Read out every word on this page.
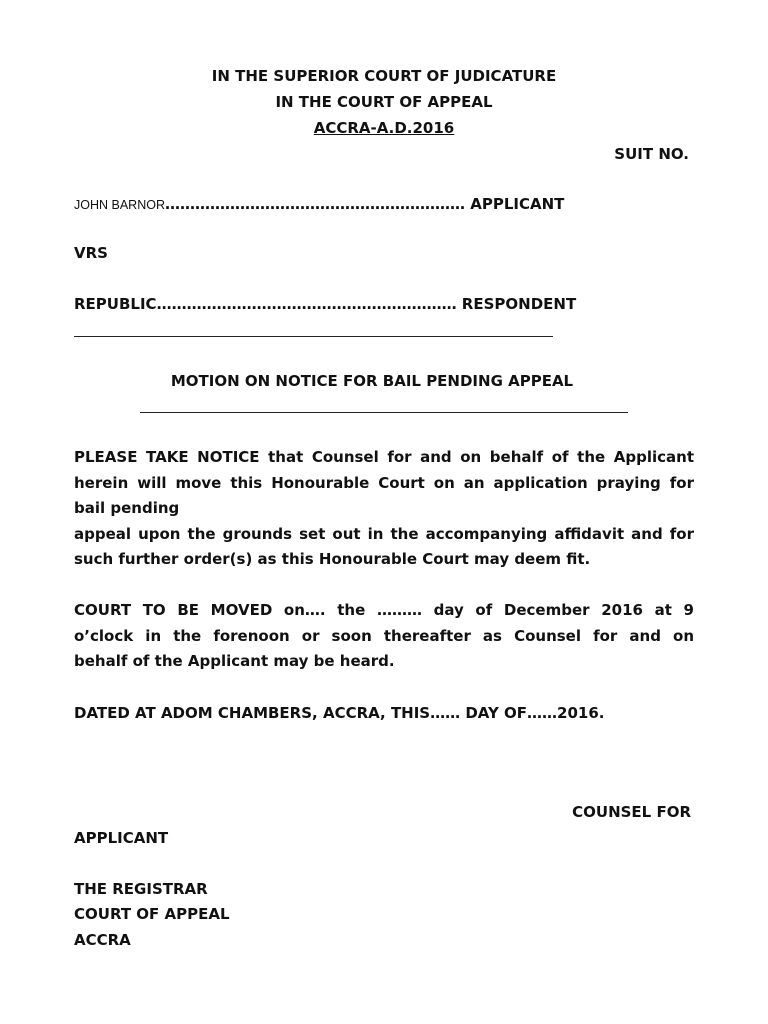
IN THE SUPERIOR COURT OF JUDICATURE
IN THE COURT OF APPEAL
ACCRA-A.D.2016
SUIT NO.
JOHN BARNOR…………………………………………………… APPLICANT
VRS
REPUBLIC…………………………………………………… RESPONDENT
MOTION ON NOTICE FOR BAIL PENDING APPEAL
PLEASE TAKE NOTICE that Counsel for and on behalf of the Applicant
herein will move this Honourable Court on an application praying for
bail pending
appeal upon the grounds set out in the accompanying affidavit and for
such further order(s) as this Honourable Court may deem fit.
COURT TO BE MOVED on…. the ……… day of December 2016 at 9
o’clock in the forenoon or soon thereafter as Counsel for and on
behalf of the Applicant may be heard.
DATED AT ADOM CHAMBERS, ACCRA, THIS…… DAY OF……2016.
COUNSEL FOR
APPLICANT
THE REGISTRAR
COURT OF APPEAL
ACCRA
